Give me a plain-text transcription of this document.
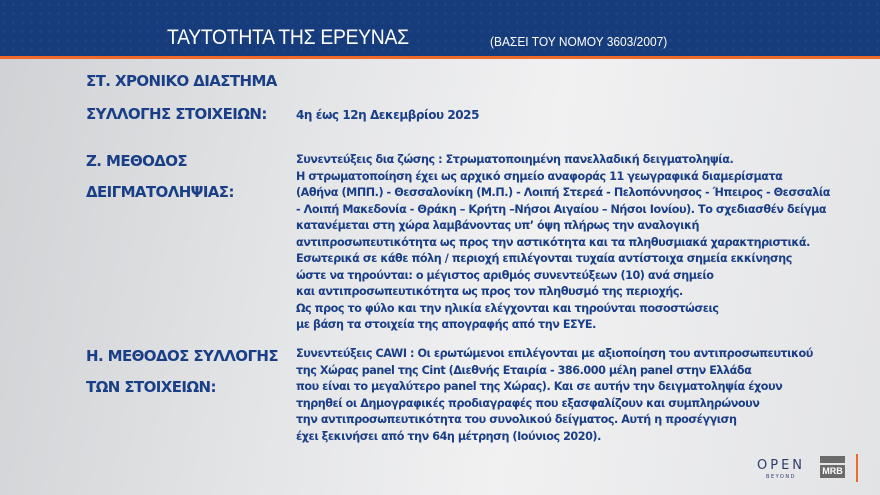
ΤΑΥΤΟΤΗΤΑ ΤΗΣ ΕΡΕΥΝΑΣ	(ΒΑΣΕΙ ΤΟΥ ΝΟΜΟΥ 3603/2007)
ΣΤ. ΧΡΟΝΙΚΟ ΔΙΑΣΤΗΜΑ
ΣΥΛΛΟΓΗΣ ΣΤΟΙΧΕΙΩΝ: 4η έως 12η Δεκεμβρίου 2025
Ζ. ΜΕΘΟΔΟΣ
ΔΕΙΓΜΑΤΟΛΗΨΙΑΣ:
Συνεντεύξεις δια ζώσης : Στρωματοποιημένη πανελλαδική δειγματοληψία.
Η στρωματοποίηση έχει ως αρχικό σημείο αναφοράς 11 γεωγραφικά διαμερίσματα
(Αθήνα (ΜΠΠ.) - Θεσσαλονίκη (Μ.Π.) - Λοιπή Στερεά - Πελοπόννησος - Ήπειρος - Θεσσαλία
- Λοιπή Μακεδονία - Θράκη – Κρήτη –Νήσοι Αιγαίου – Νήσοι Ιονίου). Το σχεδιασθέν δείγμα
κατανέμεται στη χώρα λαμβάνοντας υπ’ όψη πλήρως την αναλογική
αντιπροσωπευτικότητα ως προς την αστικότητα και τα πληθυσμιακά χαρακτηριστικά.
Εσωτερικά σε κάθε πόλη / περιοχή επιλέγονται τυχαία αντίστοιχα σημεία εκκίνησης
ώστε να τηρούνται: ο μέγιστος αριθμός συνεντεύξεων (10) ανά σημείο
και αντιπροσωπευτικότητα ως προς τον πληθυσμό της περιοχής.
Ως προς το φύλο και την ηλικία ελέγχονται και τηρούνται ποσοστώσεις
με βάση τα στοιχεία της απογραφής από την ΕΣΥΕ.
Η. ΜΕΘΟΔΟΣ ΣΥΛΛΟΓΗΣ
ΤΩΝ ΣΤΟΙΧΕΙΩΝ:
Συνεντεύξεις CAWI : Οι ερωτώμενοι επιλέγονται με αξιοποίηση του αντιπροσωπευτικού
της Χώρας panel της Cint (Διεθνής Εταιρία - 386.000 μέλη panel στην Ελλάδα
που είναι το μεγαλύτερο panel της Χώρας). Και σε αυτήν την δειγματοληψία έχουν
τηρηθεί οι Δημογραφικές προδιαγραφές που εξασφαλίζουν και συμπληρώνουν
την αντιπροσωπευτικότητα του συνολικού δείγματος. Αυτή η προσέγγιση
έχει ξεκινήσει από την 64η μέτρηση (Ιούνιος 2020).
OPEN
BEYOND
MRB
